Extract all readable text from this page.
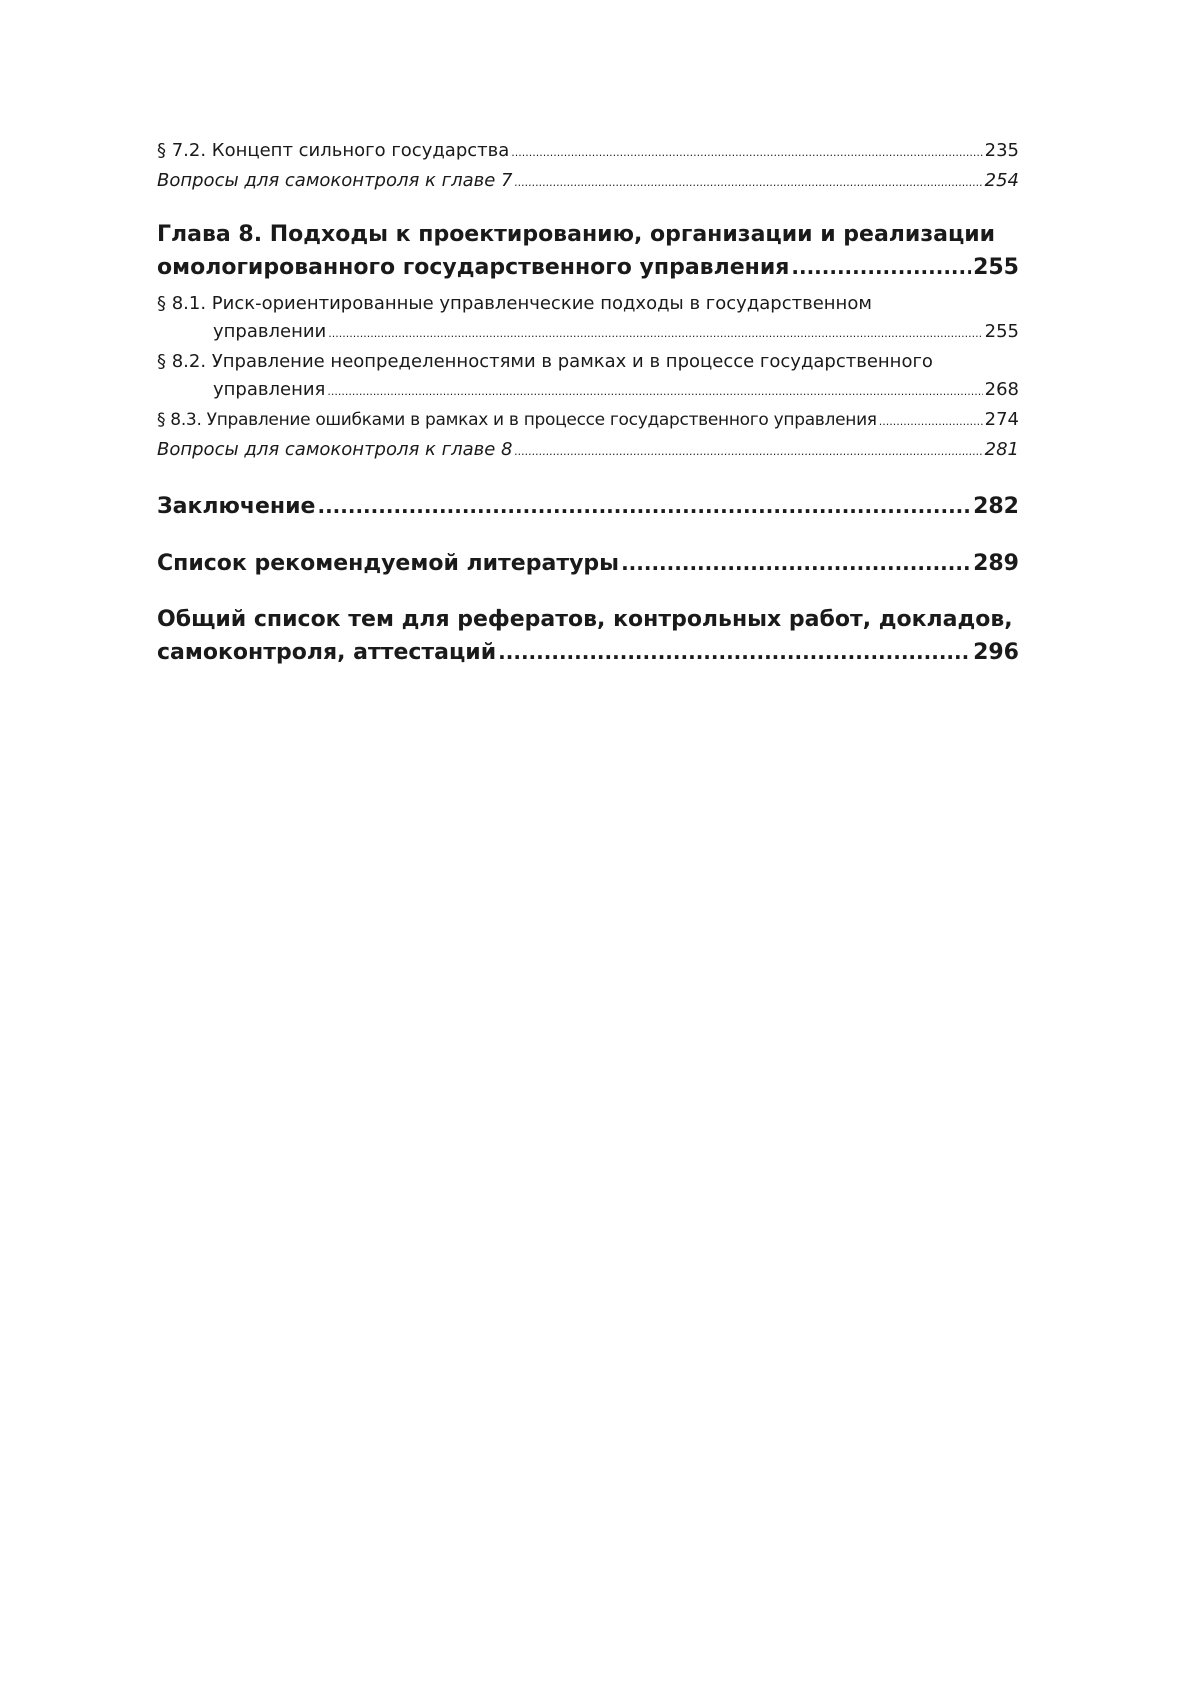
§ 7.2. Концепт сильного государства .....	235
Вопросы для самоконтроля к главе 7 .....	254
Глава 8. Подходы к проектированию, организации и реализации
омологированного государственного управления .....	255
§ 8.1. Риск-ориентированные управленческие подходы в государственном
управлении .....	255
§ 8.2. Управление неопределенностями в рамках и в процессе государственного
управления .....	268
§ 8.3. Управление ошибками в рамках и в процессе государственного управления .....	274
Вопросы для самоконтроля к главе 8 .....	281
Заключение .....	282
Список рекомендуемой литературы .....	289
Общий список тем для рефератов, контрольных работ, докладов,
самоконтроля, аттестаций .....	296
